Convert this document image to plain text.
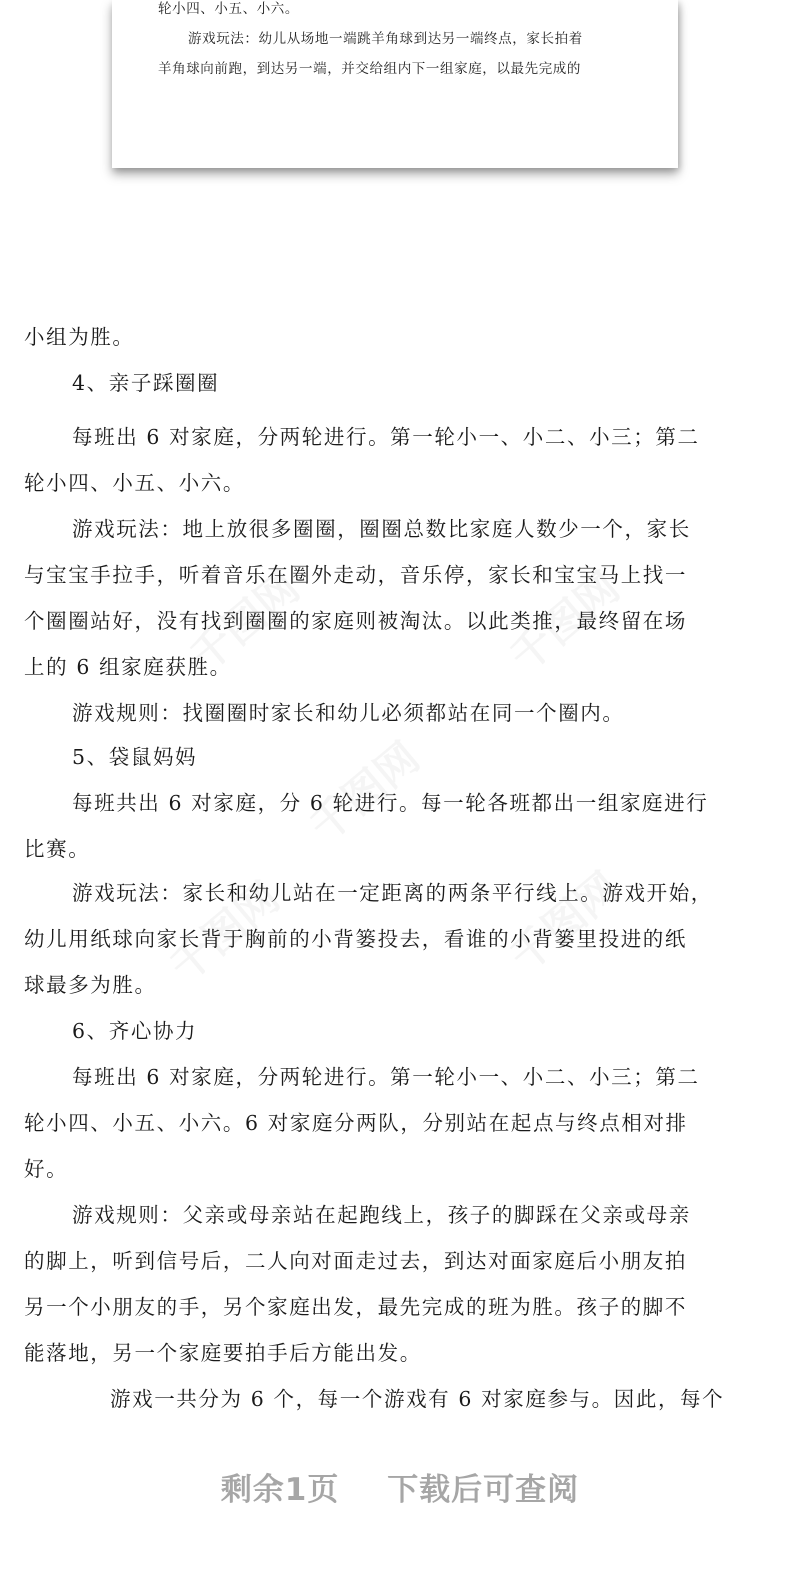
轮小四、小五、小六。
游戏玩法：幼儿从场地一端跳羊角球到达另一端终点，家长拍着
羊角球向前跑，到达另一端，并交给组内下一组家庭，以最先完成的
千图网	千图网
千图网
千图网	千图网
小组为胜。
4、亲子踩圈圈
每班出 6 对家庭，分两轮进行。第一轮小一、小二、小三；第二
轮小四、小五、小六。
游戏玩法：地上放很多圈圈，圈圈总数比家庭人数少一个，家长
与宝宝手拉手，听着音乐在圈外走动，音乐停，家长和宝宝马上找一
个圈圈站好，没有找到圈圈的家庭则被淘汰。以此类推，最终留在场
上的 6 组家庭获胜。
游戏规则：找圈圈时家长和幼儿必须都站在同一个圈内。
5、袋鼠妈妈
每班共出 6 对家庭，分 6 轮进行。每一轮各班都出一组家庭进行
比赛。
游戏玩法：家长和幼儿站在一定距离的两条平行线上。游戏开始，
幼儿用纸球向家长背于胸前的小背篓投去，看谁的小背篓里投进的纸
球最多为胜。
6、齐心协力
每班出 6 对家庭，分两轮进行。第一轮小一、小二、小三；第二
轮小四、小五、小六。6 对家庭分两队，分别站在起点与终点相对排
好。
游戏规则：父亲或母亲站在起跑线上，孩子的脚踩在父亲或母亲
的脚上，听到信号后，二人向对面走过去，到达对面家庭后小朋友拍
另一个小朋友的手，另个家庭出发，最先完成的班为胜。孩子的脚不
能落地，另一个家庭要拍手后方能出发。
游戏一共分为 6 个，每一个游戏有 6 对家庭参与。因此，每个
剩余1页 下载后可查阅
